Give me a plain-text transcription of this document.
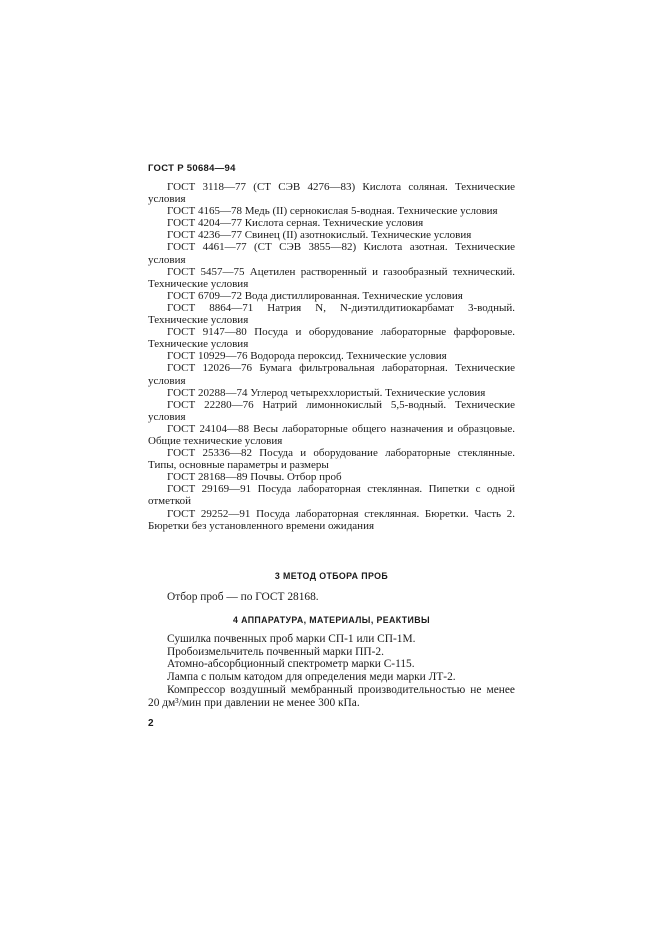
ГОСТ Р 50684—94

ГОСТ 3118—77 (СТ СЭВ 4276—83) Кислота соляная. Технические условия

ГОСТ 4165—78 Медь (II) сернокислая 5-водная. Технические условия

ГОСТ 4204—77 Кислота серная. Технические условия

ГОСТ 4236—77 Свинец (II) азотнокислый. Технические условия

ГОСТ 4461—77 (СТ СЭВ 3855—82) Кислота азотная. Технические условия

ГОСТ 5457—75 Ацетилен растворенный и газообразный технический. Технические условия

ГОСТ 6709—72 Вода дистиллированная. Технические условия

ГОСТ 8864—71 Натрия N, N-диэтилдитиокарбамат 3-водный. Технические условия

ГОСТ 9147—80 Посуда и оборудование лабораторные фарфоровые. Технические условия

ГОСТ 10929—76 Водорода пероксид. Технические условия

ГОСТ 12026—76 Бумага фильтровальная лабораторная. Технические условия

ГОСТ 20288—74 Углерод четыреххлористый. Технические условия

ГОСТ 22280—76 Натрий лимоннокислый 5,5-водный. Технические условия

ГОСТ 24104—88 Весы лабораторные общего назначения и образцовые. Общие технические условия

ГОСТ 25336—82 Посуда и оборудование лабораторные стеклянные. Типы, основные параметры и размеры

ГОСТ 28168—89 Почвы. Отбор проб

ГОСТ 29169—91 Посуда лабораторная стеклянная. Пипетки с одной отметкой

ГОСТ 29252—91 Посуда лабораторная стеклянная. Бюретки. Часть 2. Бюретки без установленного времени ожидания

3 МЕТОД ОТБОРА ПРОБ

Отбор проб — по ГОСТ 28168.

4 АППАРАТУРА, МАТЕРИАЛЫ, РЕАКТИВЫ

Сушилка почвенных проб марки СП-1 или СП-1М.

Пробоизмельчитель почвенный марки ПП-2.

Атомно-абсорбционный спектрометр марки С-115.

Лампа с полым катодом для определения меди марки ЛТ-2.

Компрессор воздушный мембранный производительностью не менее 20 дм³/мин при давлении не менее 300 кПа.

2
